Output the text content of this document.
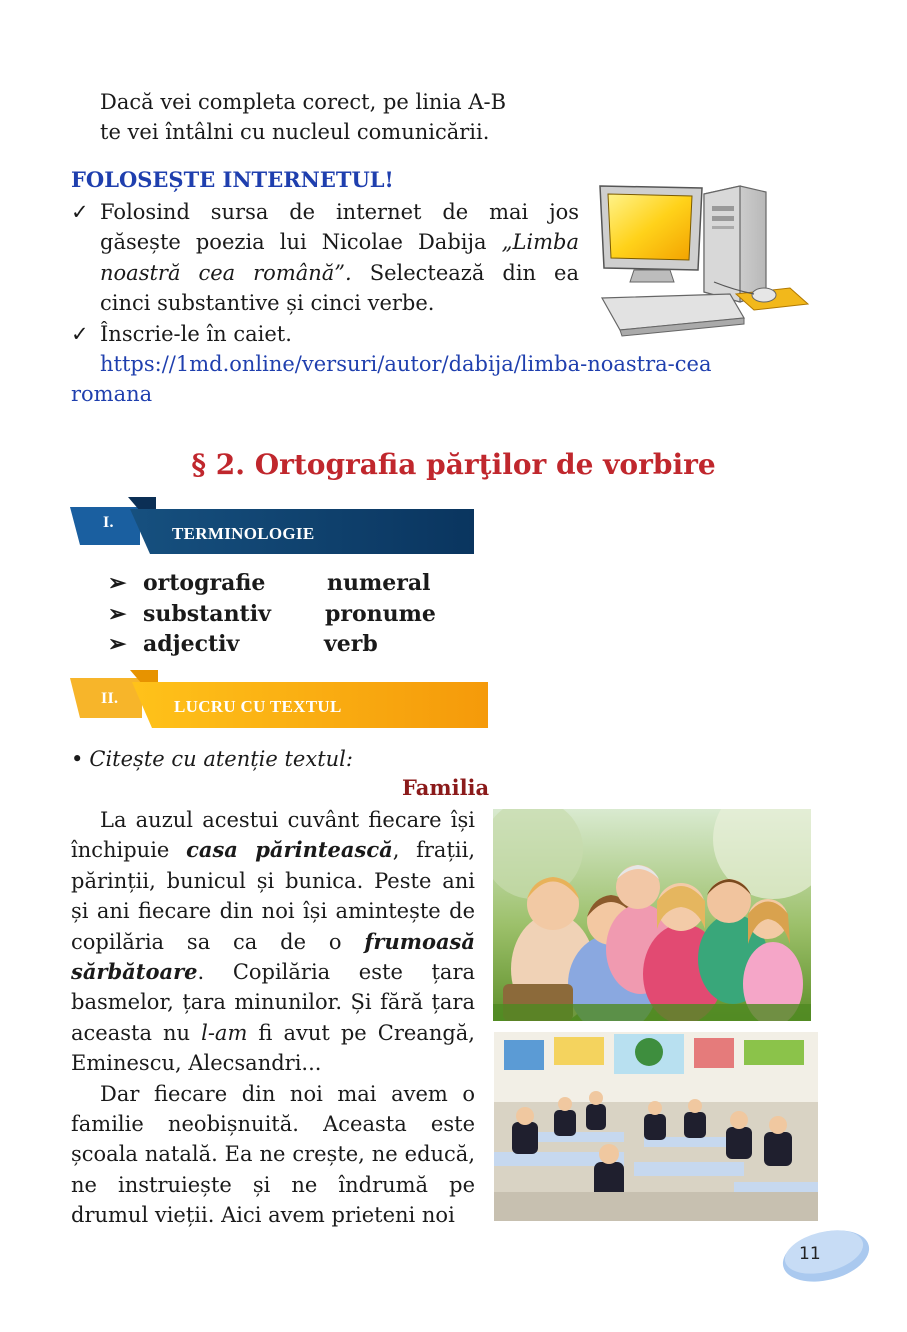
Dacă vei completa corect, pe linia A-B
te vei întâlni cu nucleul comunicării.
FOLOSEȘTE INTERNETUL!
✓ Folosind sursa de internet de mai jos găsește poezia lui Nicolae Dabija „Limba noastră cea română”. Selectează din ea cinci substantive și cinci verbe.
✓ Înscrie-le în caiet.
https://1md.online/versuri/autor/dabija/limba-noastra-cea
romana
§ 2. Ortografia părţilor de vorbire
I.
TERMINOLOGIE
➢ ortografie	numeral
➢ substantiv pronume
➢ adjectiv	verb
II.	LUCRU CU TEXTUL
• Citește cu atenție textul:
Familia

La auzul acestui cuvânt fiecare își închipuie casa părintească, frații, părinții, bunicul și bunica. Peste ani și ani fiecare din noi își amintește de copilăria sa ca de o frumoasă sărbătoare. Copilăria este țara basmelor, țara minunilor. Și fără țara aceasta nu l-am fi avut pe Creangă, Eminescu, Alecsandri...

Dar fiecare din noi mai avem o familie neobișnuită. Aceasta este școala natală. Ea ne crește, ne educă, ne instruiește și ne îndrumă pe drumul vieții. Aici avem prieteni noi

11
